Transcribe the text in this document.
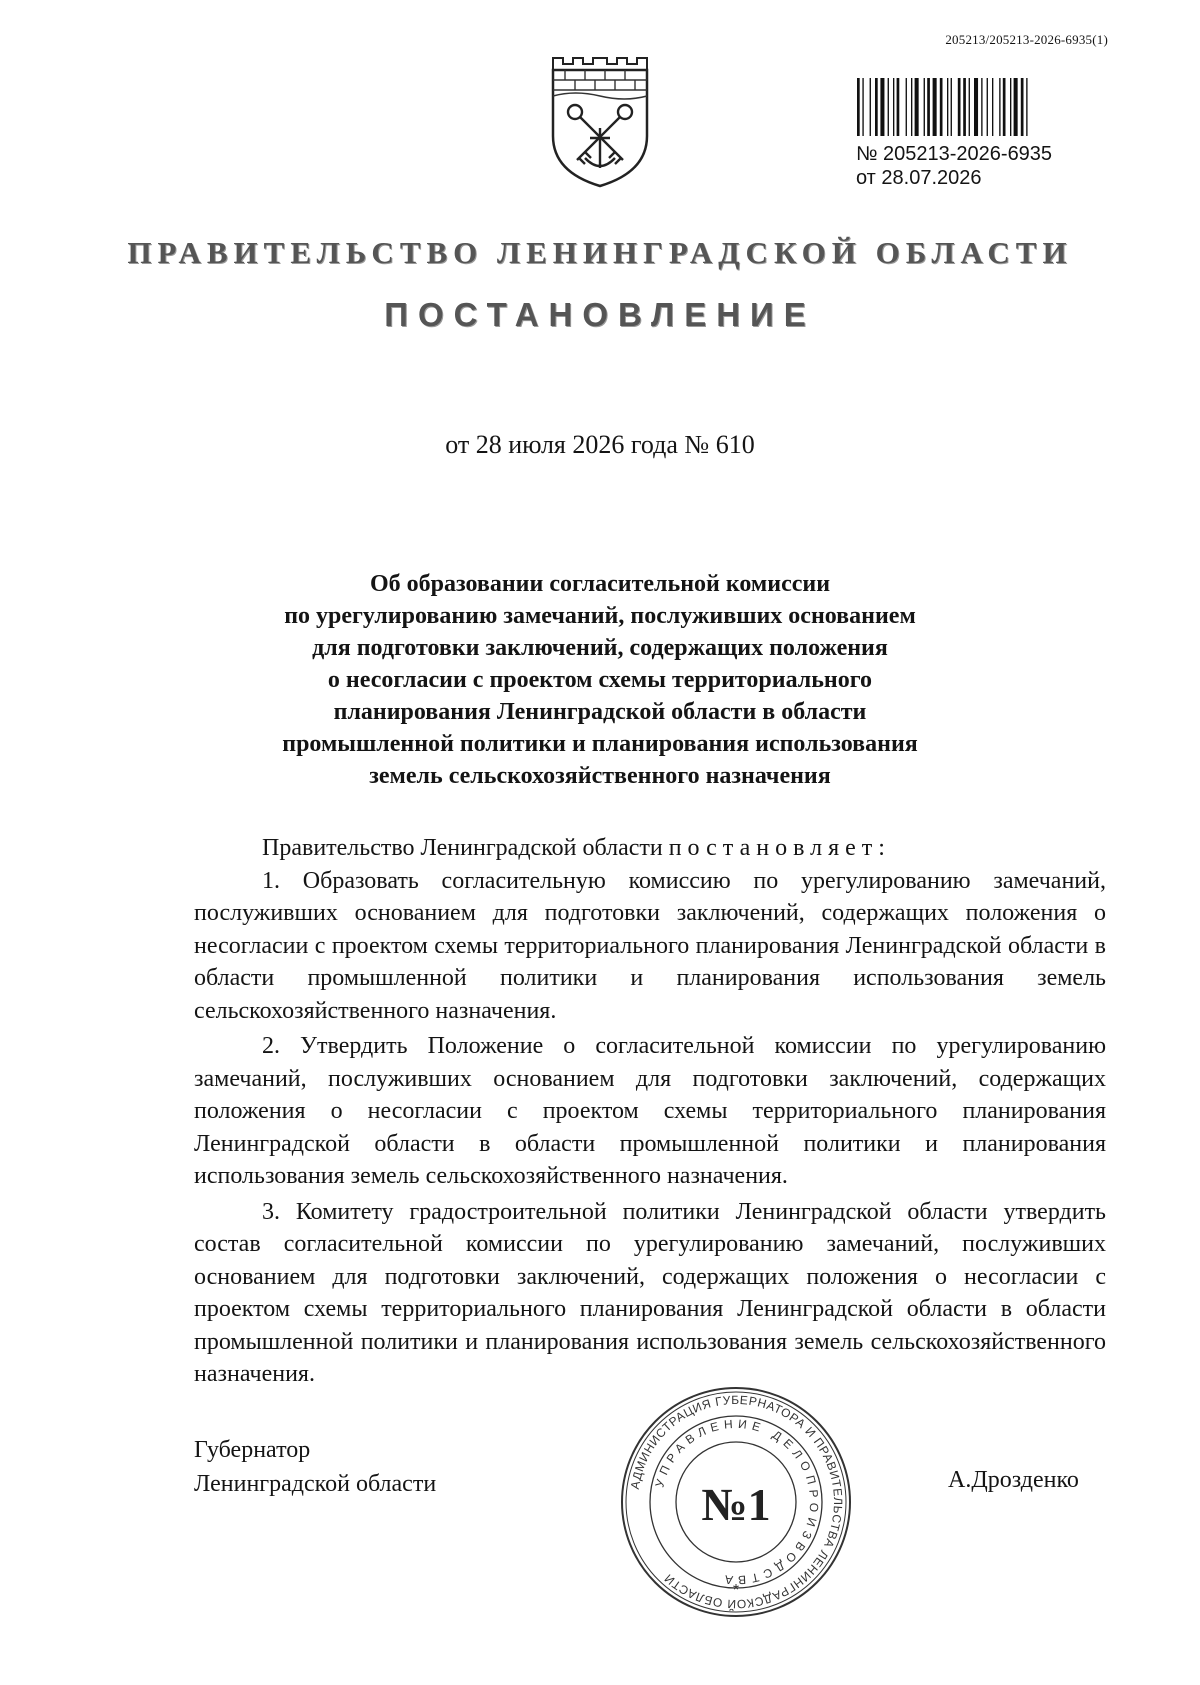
205213/205213-2026-6935(1)
№ 205213-2026-6935
от 28.07.2026
ПРАВИТЕЛЬСТВО ЛЕНИНГРАДСКОЙ ОБЛАСТИ
ПОСТАНОВЛЕНИЕ
от 28 июля 2026 года № 610
Об образовании согласительной комиссии
по урегулированию замечаний, послуживших основанием
для подготовки заключений, содержащих положения
о несогласии с проектом схемы территориального
планирования Ленинградской области в области
промышленной политики и планирования использования
земель сельскохозяйственного назначения
Правительство Ленинградской области постановляет:

1. Образовать согласительную комиссию по урегулированию замечаний, послуживших основанием для подготовки заключений, содержащих положения о несогласии с проектом схемы территориального планирования Ленинградской области в области промышленной политики и планирования использования земель сельскохозяйственного назначения.

2. Утвердить Положение о согласительной комиссии по урегулированию замечаний, послуживших основанием для подготовки заключений, содержащих положения о несогласии с проектом схемы территориального планирования Ленинградской области в области промышленной политики и планирования использования земель сельскохозяйственного назначения.

3. Комитету градостроительной политики Ленинградской области утвердить состав согласительной комиссии по урегулированию замечаний, послуживших основанием для подготовки заключений, содержащих положения о несогласии с проектом схемы территориального планирования Ленинградской области в области промышленной политики и планирования использования земель сельскохозяйственного назначения.

Губернатор
Ленинградской области	А.Дрозденко
АДМИНИСТРАЦИЯ ГУБЕРНАТОРА И ПРАВИТЕЛЬСТВА ЛЕНИНГРАДСКОЙ ОБЛАСТИ
УПРАВЛЕНИЕ ДЕЛОПРОИЗВОДСТВА
№1
*
